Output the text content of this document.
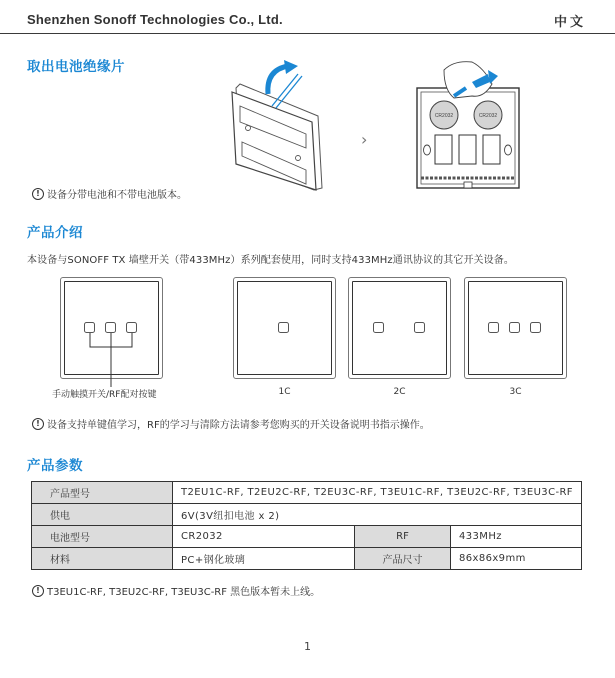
Shenzhen Sonoff Technologies Co., Ltd.	中文
取出电池绝缘片
›
CR2032	CR2032
! 设备分带电池和不带电池版本。
产品介绍
本设备与SONOFF TX 墙壁开关（带433MHz）系列配套使用，同时支持433MHz通讯协议的其它开关设备。
手动触摸开关/RF配对按键	1C	2C	3C
! 设备支持单键值学习，RF的学习与清除方法请参考您购买的开关设备说明书指示操作。
产品参数
产品型号	T2EU1C-RF, T2EU2C-RF, T2EU3C-RF, T3EU1C-RF, T3EU2C-RF, T3EU3C-RF		
供电	6V(3V纽扣电池 x 2)		
电池型号	CR2032	RF	433MHz
材料	PC+钢化玻璃	产品尺寸	86x86x9mm
! T3EU1C-RF, T3EU2C-RF, T3EU3C-RF 黑色版本暂未上线。
1
